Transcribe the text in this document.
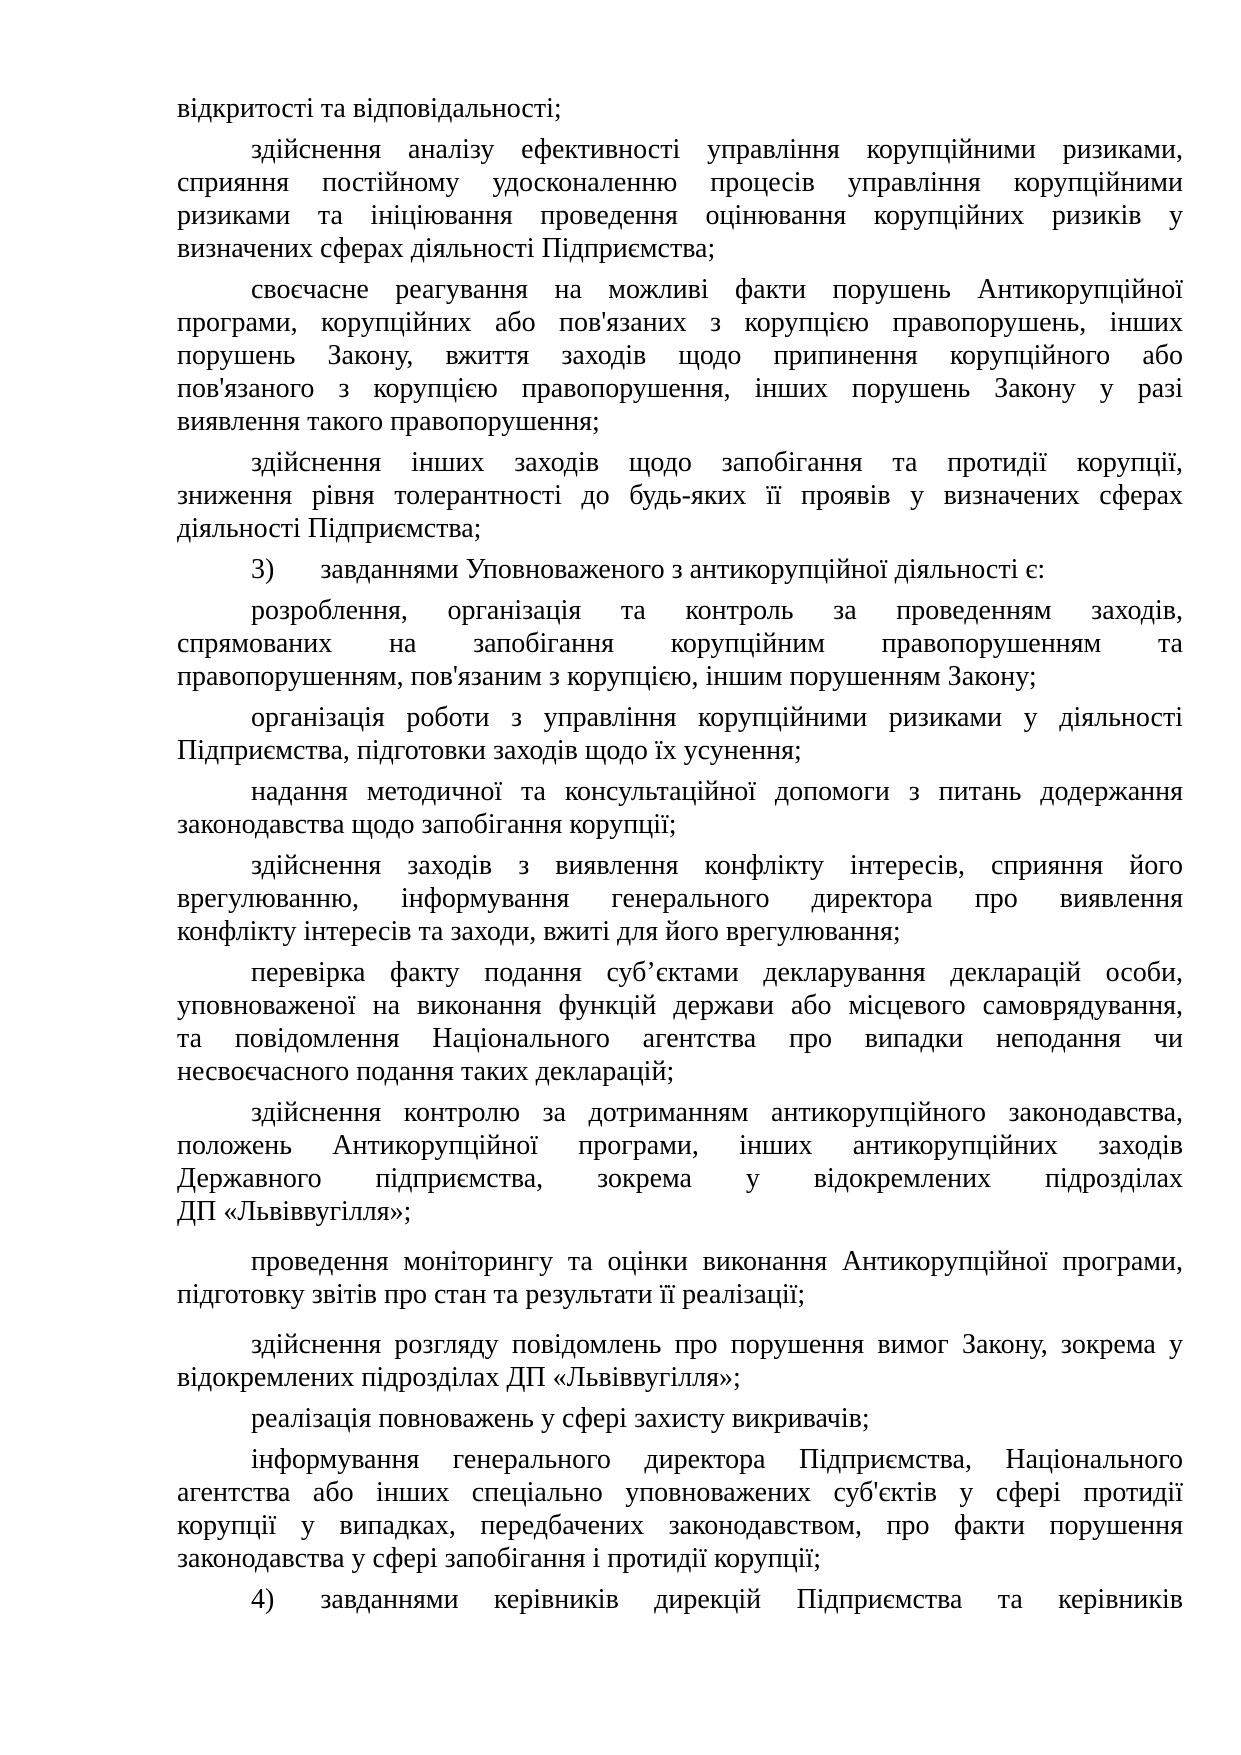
відкритості та відповідальності;
здійснення аналізу ефективності управління корупційними ризиками,
сприяння постійному удосконаленню процесів управління корупційними
ризиками та ініціювання проведення оцінювання корупційних ризиків у
визначених сферах діяльності Підприємства;
своєчасне реагування на можливі факти порушень Антикорупційної
програми, корупційних або пов'язаних з корупцією правопорушень, інших
порушень Закону, вжиття заходів щодо припинення корупційного або
пов'язаного з корупцією правопорушення, інших порушень Закону у разі
виявлення такого правопорушення;
здійснення інших заходів щодо запобігання та протидії корупції,
зниження рівня толерантності до будь-яких її проявів у визначених сферах
діяльності Підприємства;
3) завданнями Уповноваженого з антикорупційної діяльності є:
розроблення, організація та контроль за проведенням заходів,
спрямованих на запобігання корупційним правопорушенням та
правопорушенням, пов'язаним з корупцією, іншим порушенням Закону;
організація роботи з управління корупційними ризиками у діяльності
Підприємства, підготовки заходів щодо їх усунення;
надання методичної та консультаційної допомоги з питань додержання
законодавства щодо запобігання корупції;
здійснення заходів з виявлення конфлікту інтересів, сприяння його
врегулюванню, інформування генерального директора про виявлення
конфлікту інтересів та заходи, вжиті для його врегулювання;
перевірка факту подання суб’єктами декларування декларацій особи,
уповноваженої на виконання функцій держави або місцевого самоврядування,
та повідомлення Національного агентства про випадки неподання чи
несвоєчасного подання таких декларацій;
здійснення контролю за дотриманням антикорупційного законодавства,
положень Антикорупційної програми, інших антикорупційних заходів
Державного підприємства, зокрема у відокремлених підрозділах
ДП «Львіввугілля»;
проведення моніторингу та оцінки виконання Антикорупційної програми,
підготовку звітів про стан та результати її реалізації;
здійснення розгляду повідомлень про порушення вимог Закону, зокрема у
відокремлених підрозділах ДП «Львіввугілля»;
реалізація повноважень у сфері захисту викривачів;
інформування генерального директора Підприємства, Національного
агентства або інших спеціально уповноважених суб'єктів у сфері протидії
корупції у випадках, передбачених законодавством, про факти порушення
законодавства у сфері запобігання і протидії корупції;
4) завданнями керівників дирекцій Підприємства та керівників
